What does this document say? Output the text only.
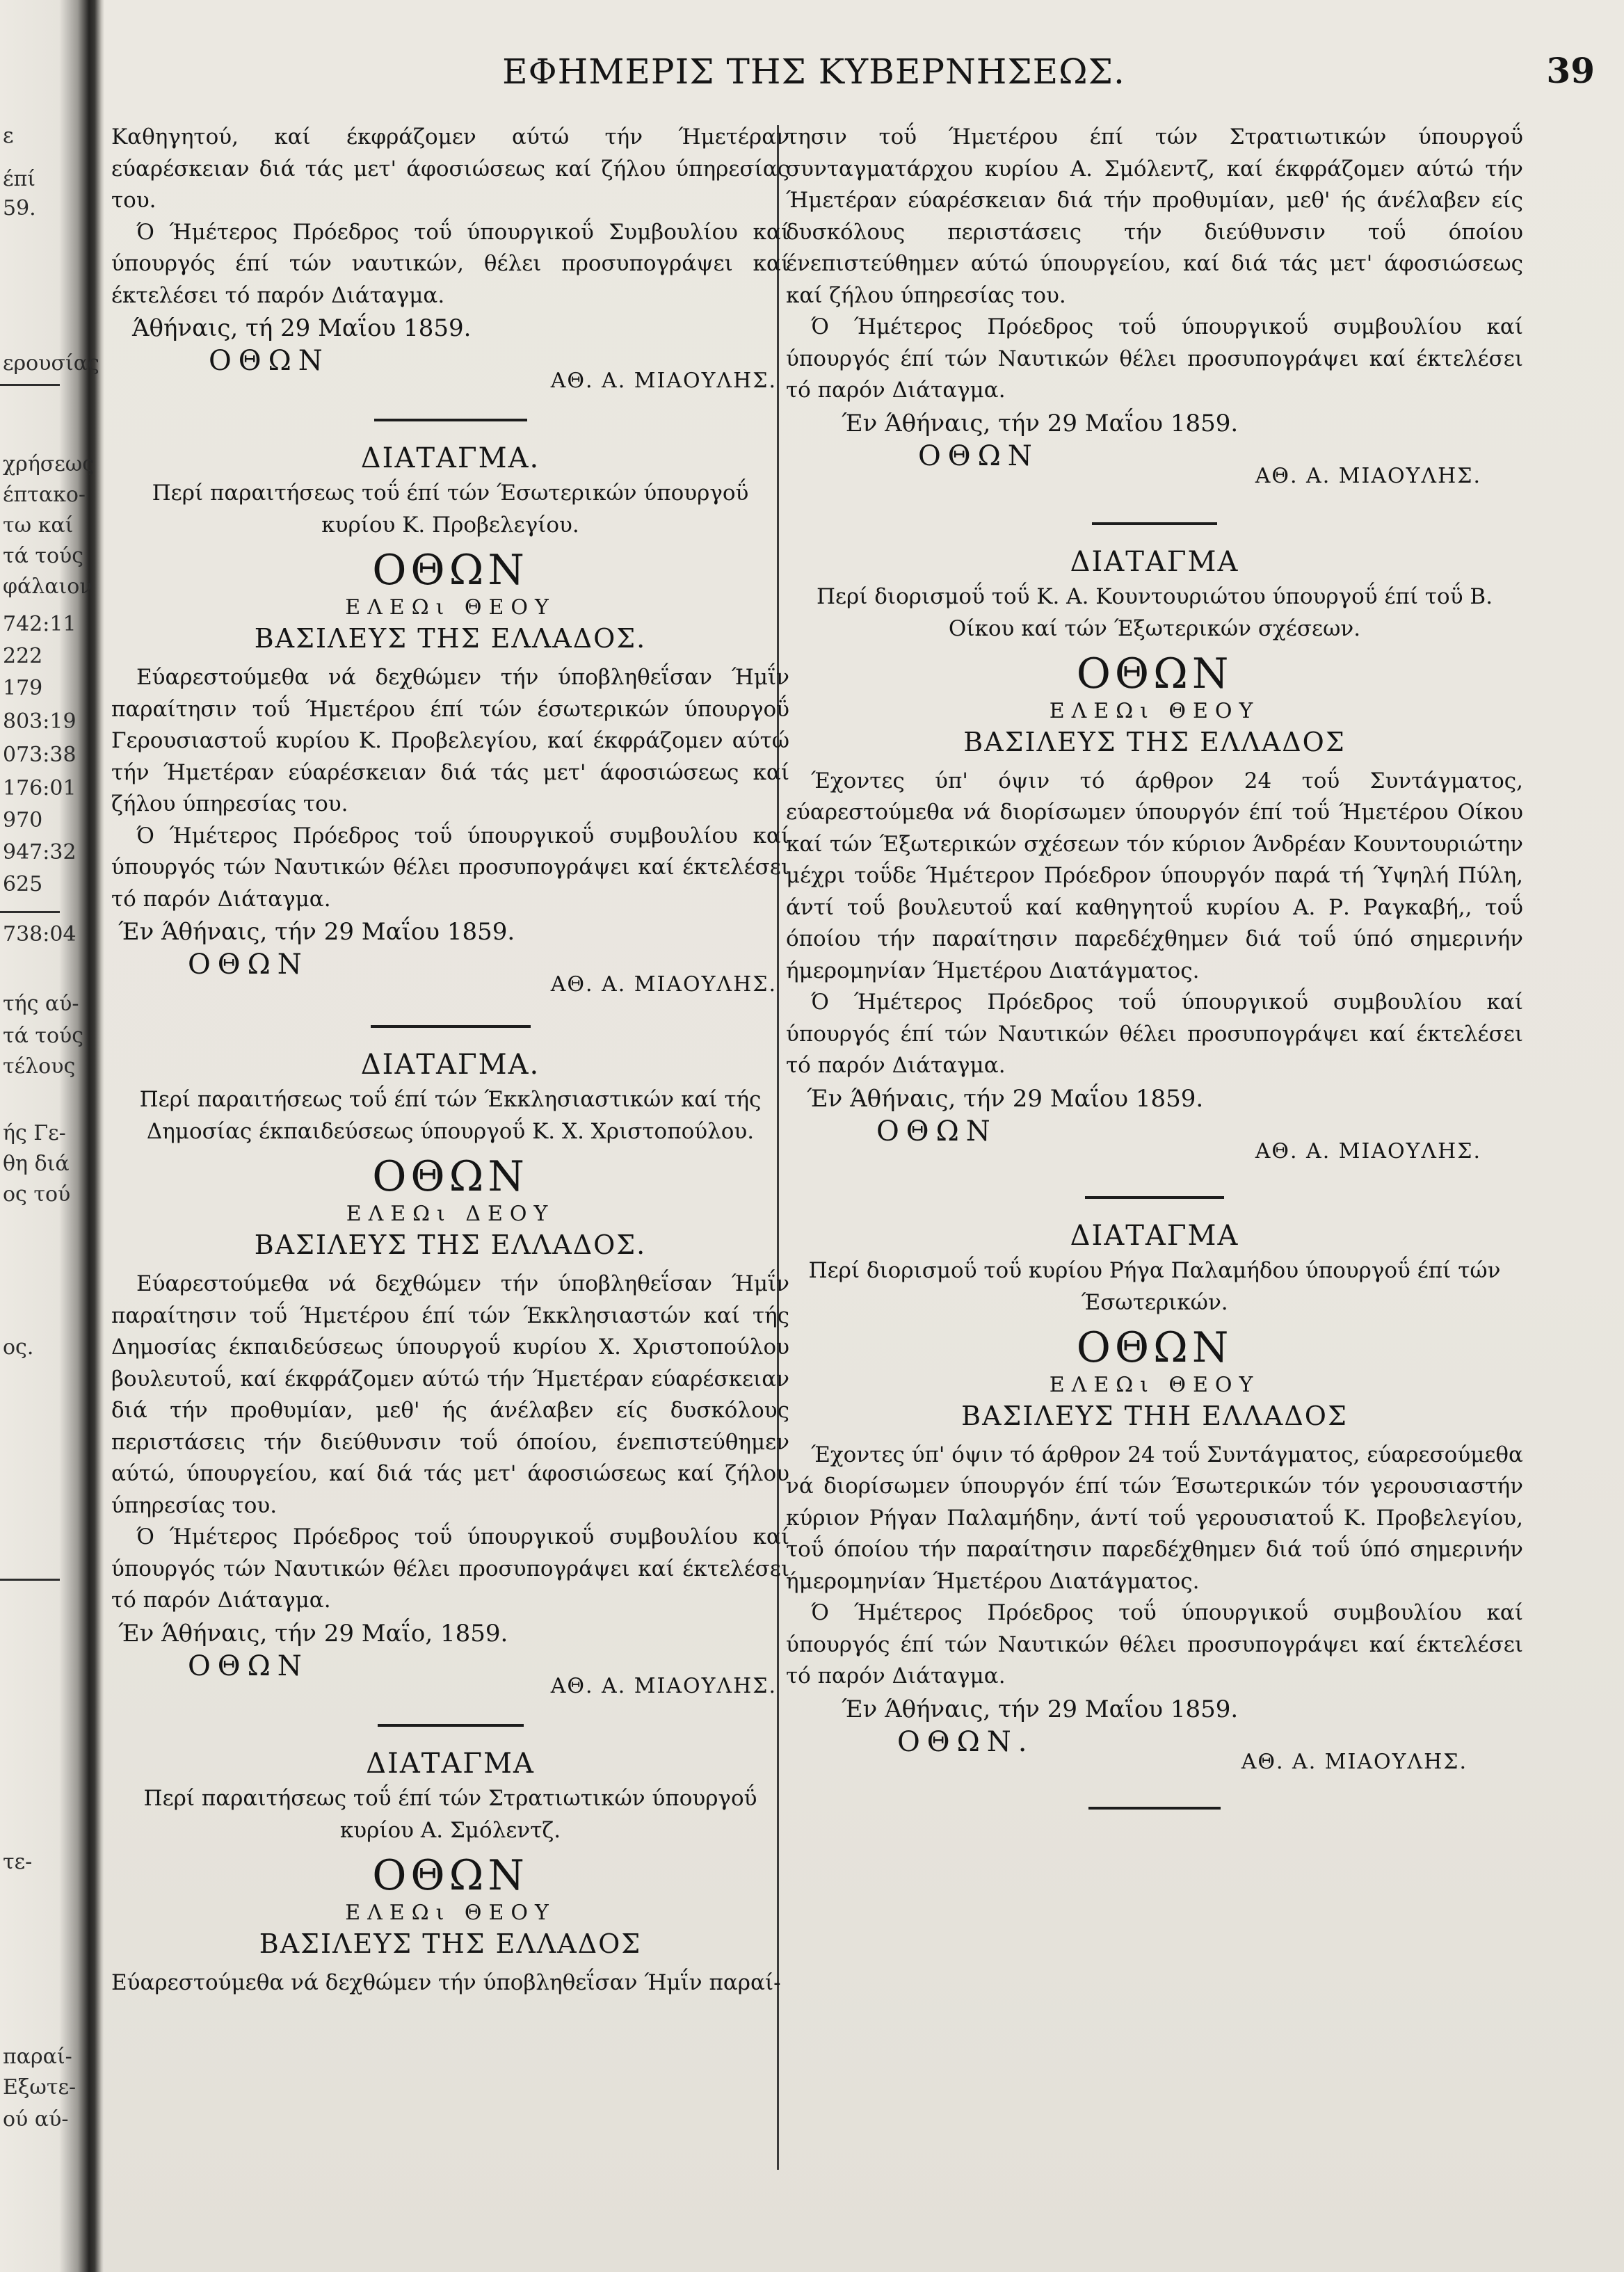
ε
έπί
59.
ερουσίας
χρήσεως
έπτακο-
τω καί
τά τούς
φάλαιον
742:11
222
179
803:19
073:38
176:01
970
947:32
625
738:04
τής αύ-
τά τούς
τέλους
ής Γε-
θη διά
ος τού
ος.
τε-
παραί-
Εξωτε-
ού αύ-
ΕΦΗΜΕΡΙΣ ΤΗΣ ΚΥΒΕΡΝΗΣΕΩΣ.	39

Καθηγητού, καί έκφράζομεν αύτώ τήν Ήμετέραν εύαρέσκειαν διά τάς μετ' άφοσιώσεως καί ζήλου ύπηρεσίας του.

Ό Ήμέτερος Πρόεδρος τοΰ ύπουργικοΰ Συμβουλίου καί ύπουργός έπί τών ναυτικών, θέλει προσυπογράψει καί έκτελέσει τό παρόν Διάταγμα.

Άθήναις, τή 29 Μαΐου 1859.

ΟΘΩΝ
ΑΘ. Α. ΜΙΑΟΥΛΗΣ.
ΔΙΑΤΑΓΜΑ.
Περί παραιτήσεως τοΰ έπί τών Έσωτερικών ύπουργοΰ κυρίου Κ. Προβελεγίου.
ΟΘΩΝ
ΕΛΕΩι ΘΕΟΥ
ΒΑΣΙΛΕΥΣ ΤΗΣ ΕΛΛΑΔΟΣ.

Εύαρεστούμεθα νά δεχθώμεν τήν ύποβληθεΐσαν Ήμΐν παραίτησιν τοΰ Ήμετέρου έπί τών έσωτερικών ύπουργοΰ Γερουσιαστοΰ κυρίου Κ. Προβελεγίου, καί έκφράζομεν αύτώ τήν Ήμετέραν εύαρέσκειαν διά τάς μετ' άφοσιώσεως καί ζήλου ύπηρεσίας του.

Ό Ήμέτερος Πρόεδρος τοΰ ύπουργικοΰ συμβουλίου καί ύπουργός τών Ναυτικών θέλει προσυπογράψει καί έκτελέσει τό παρόν Διάταγμα.

Έν Άθήναις, τήν 29 Μαΐου 1859.

ΟΘΩΝ
ΑΘ. Α. ΜΙΑΟΥΛΗΣ.
ΔΙΑΤΑΓΜΑ.
Περί παραιτήσεως τοΰ έπί τών Έκκλησιαστικών καί τής Δημοσίας έκπαιδεύσεως ύπουργοΰ Κ. Χ. Χριστοπούλου.
ΟΘΩΝ
ΕΛΕΩι ΔΕΟΥ
ΒΑΣΙΛΕΥΣ ΤΗΣ ΕΛΛΑΔΟΣ.

Εύαρεστούμεθα νά δεχθώμεν τήν ύποβληθεΐσαν Ήμΐν παραίτησιν τοΰ Ήμετέρου έπί τών Έκκλησιαστών καί τής Δημοσίας έκπαιδεύσεως ύπουργοΰ κυρίου Χ. Χριστοπούλου βουλευτοΰ, καί έκφράζομεν αύτώ τήν Ήμετέραν εύαρέσκειαν διά τήν προθυμίαν, μεθ' ής άνέλαβεν είς δυσκόλους περιστάσεις τήν διεύθυνσιν τοΰ όποίου, ένεπιστεύθημεν αύτώ, ύπουργείου, καί διά τάς μετ' άφοσιώσεως καί ζήλου ύπηρεσίας του.

Ό Ήμέτερος Πρόεδρος τοΰ ύπουργικοΰ συμβουλίου καί ύπουργός τών Ναυτικών θέλει προσυπογράψει καί έκτελέσει τό παρόν Διάταγμα.

Έν Άθήναις, τήν 29 Μαΐο, 1859.

ΟΘΩΝ
ΑΘ. Α. ΜΙΑΟΥΛΗΣ.
ΔΙΑΤΑΓΜΑ
Περί παραιτήσεως τοΰ έπί τών Στρατιωτικών ύπουργοΰ κυρίου Α. Σμόλεντζ.
ΟΘΩΝ
ΕΛΕΩι ΘΕΟΥ
ΒΑΣΙΛΕΥΣ ΤΗΣ ΕΛΛΑΔΟΣ

Εύαρεστούμεθα νά δεχθώμεν τήν ύποβληθεΐσαν Ήμΐν παραί-

τησιν τοΰ Ήμετέρου έπί τών Στρατιωτικών ύπουργοΰ συνταγματάρχου κυρίου Α. Σμόλεντζ, καί έκφράζομεν αύτώ τήν Ήμετέραν εύαρέσκειαν διά τήν προθυμίαν, μεθ' ής άνέλαβεν είς δυσκόλους περιστάσεις τήν διεύθυνσιν τοΰ όποίου ένεπιστεύθημεν αύτώ ύπουργείου, καί διά τάς μετ' άφοσιώσεως καί ζήλου ύπηρεσίας του.

Ό Ήμέτερος Πρόεδρος τοΰ ύπουργικοΰ συμβουλίου καί ύπουργός έπί τών Ναυτικών θέλει προσυπογράψει καί έκτελέσει τό παρόν Διάταγμα.

Έν Άθήναις, τήν 29 Μαΐου 1859.

ΟΘΩΝ
ΑΘ. Α. ΜΙΑΟΥΛΗΣ.
ΔΙΑΤΑΓΜΑ
Περί διορισμοΰ τοΰ Κ. Α. Κουντουριώτου ύπουργοΰ έπί τοΰ Β. Οίκου καί τών Έξωτερικών σχέσεων.
ΟΘΩΝ
ΕΛΕΩι ΘΕΟΥ
ΒΑΣΙΛΕΥΣ ΤΗΣ ΕΛΛΑΔΟΣ

Έχοντες ύπ' όψιν τό άρθρον 24 τοΰ Συντάγματος, εύαρεστούμεθα νά διορίσωμεν ύπουργόν έπί τοΰ Ήμετέρου Οίκου καί τών Έξωτερικών σχέσεων τόν κύριον Άνδρέαν Κουντουριώτην μέχρι τοΰδε Ήμέτερον Πρόεδρον ύπουργόν παρά τή Ύψηλή Πύλη, άντί τοΰ βουλευτοΰ καί καθηγητοΰ κυρίου Α. Ρ. Ραγκαβή,, τοΰ όποίου τήν παραίτησιν παρεδέχθημεν διά τοΰ ύπό σημερινήν ήμερομηνίαν Ήμετέρου Διατάγματος.

Ό Ήμέτερος Πρόεδρος τοΰ ύπουργικοΰ συμβουλίου καί ύπουργός έπί τών Ναυτικών θέλει προσυπογράψει καί έκτελέσει τό παρόν Διάταγμα.

Έν Άθήναις, τήν 29 Μαΐου 1859.

ΟΘΩΝ
ΑΘ. Α. ΜΙΑΟΥΛΗΣ.
ΔΙΑΤΑΓΜΑ
Περί διορισμοΰ τοΰ κυρίου Ρήγα Παλαμήδου ύπουργοΰ έπί τών Έσωτερικών.
ΟΘΩΝ
ΕΛΕΩι ΘΕΟΥ
ΒΑΣΙΛΕΥΣ ΤΗΗ ΕΛΛΑΔΟΣ

Έχοντες ύπ' όψιν τό άρθρον 24 τοΰ Συντάγματος, εύαρεσούμεθα νά διορίσωμεν ύπουργόν έπί τών Έσωτερικών τόν γερουσιαστήν κύριον Ρήγαν Παλαμήδην, άντί τοΰ γερουσιατοΰ Κ. Προβελεγίου, τοΰ όποίου τήν παραίτησιν παρεδέχθημεν διά τοΰ ύπό σημερινήν ήμερομηνίαν Ήμετέρου Διατάγματος.

Ό Ήμέτερος Πρόεδρος τοΰ ύπουργικοΰ συμβουλίου καί ύπουργός έπί τών Ναυτικών θέλει προσυπογράψει καί έκτελέσει τό παρόν Διάταγμα.

Έν Άθήναις, τήν 29 Μαΐου 1859.

ΟΘΩΝ.
ΑΘ. Α. ΜΙΑΟΥΛΗΣ.
